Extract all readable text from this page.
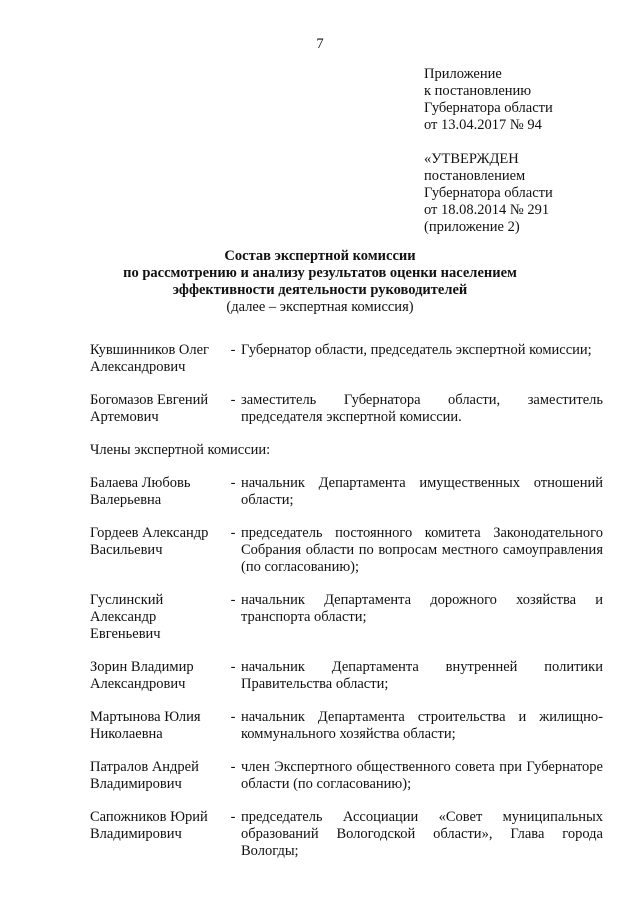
7
Приложение
к постановлению
Губернатора области
от 13.04.2017 № 94
«УТВЕРЖДЕН
постановлением
Губернатора области
от 18.08.2014 № 291
(приложение 2)
Состав экспертной комиссии
по рассмотрению и анализу результатов оценки населением
эффективности деятельности руководителей
(далее – экспертная комиссия)
Кувшинников Олег Александрович
- Губернатор области, председатель экспертной комиссии;
Богомазов Евгений Артемович
- заместитель Губернатора области, заместитель председателя экспертной комиссии.
Члены экспертной комиссии:
Балаева Любовь Валерьевна
- начальник Департамента имущественных отношений области;
Гордеев Александр Васильевич
- председатель постоянного комитета Законодательного Собрания области по вопросам местного самоуправления (по согласованию);
Гуслинский Александр Евгеньевич
- начальник Департамента дорожного хозяйства и транспорта области;
Зорин Владимир Александрович
- начальник Департамента внутренней политики Правительства области;
Мартынова Юлия Николаевна
- начальник Департамента строительства и жилищно-коммунального хозяйства области;
Патралов Андрей Владимирович
- член Экспертного общественного совета при Губернаторе области (по согласованию);
Сапожников Юрий Владимирович
- председатель Ассоциации «Совет муниципальных образований Вологодской области», Глава города Вологды;
